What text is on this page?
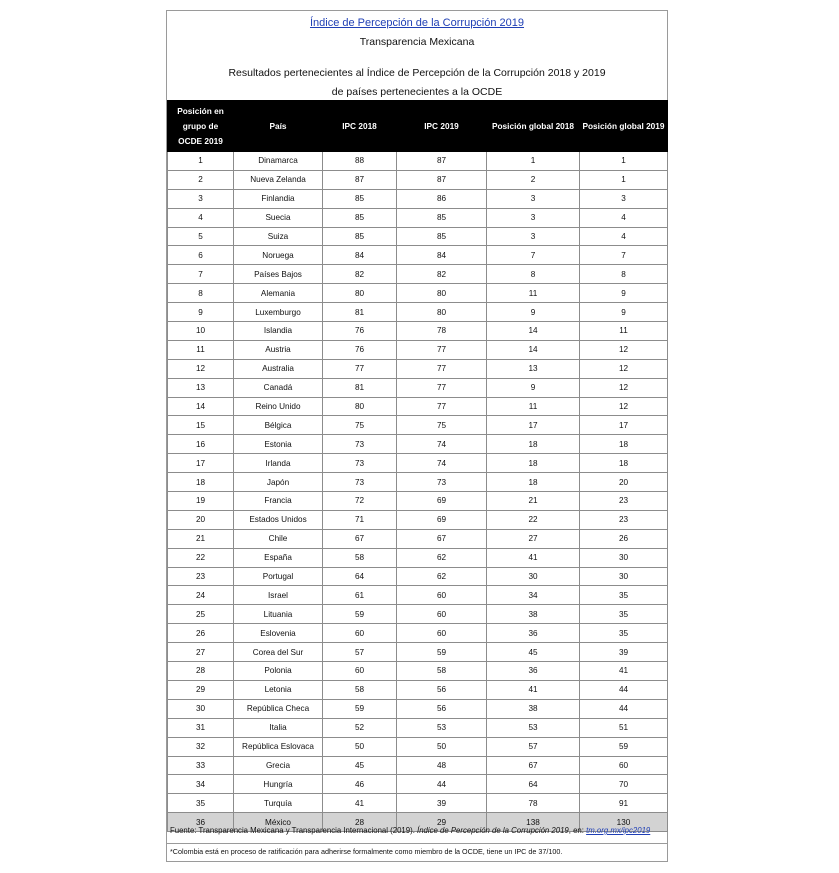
Índice de Percepción de la Corrupción 2019
Transparencia Mexicana
Resultados pertenecientes al Índice de Percepción de la Corrupción 2018 y 2019
de países pertenecientes a la OCDE
Posición en grupo de OCDE 2019	País	IPC 2018	IPC 2019	Posición global 2018	Posición global 2019
1	Dinamarca	88	87	1	1
2	Nueva Zelanda	87	87	2	1
3	Finlandia	85	86	3	3
4	Suecia	85	85	3	4
5	Suiza	85	85	3	4
6	Noruega	84	84	7	7
7	Países Bajos	82	82	8	8
8	Alemania	80	80	11	9
9	Luxemburgo	81	80	9	9
10	Islandia	76	78	14	11
11	Austria	76	77	14	12
12	Australia	77	77	13	12
13	Canadá	81	77	9	12
14	Reino Unido	80	77	11	12
15	Bélgica	75	75	17	17
16	Estonia	73	74	18	18
17	Irlanda	73	74	18	18
18	Japón	73	73	18	20
19	Francia	72	69	21	23
20	Estados Unidos	71	69	22	23
21	Chile	67	67	27	26
22	España	58	62	41	30
23	Portugal	64	62	30	30
24	Israel	61	60	34	35
25	Lituania	59	60	38	35
26	Eslovenia	60	60	36	35
27	Corea del Sur	57	59	45	39
28	Polonia	60	58	36	41
29	Letonia	58	56	41	44
30	República Checa	59	56	38	44
31	Italia	52	53	53	51
32	República Eslovaca	50	50	57	59
33	Grecia	45	48	67	60
34	Hungría	46	44	64	70
35	Turquía	41	39	78	91
36	México	28	29	138	130
Fuente: Transparencia Mexicana y Transparencia Internacional (2019). Índice de Percepción de la Corrupción 2019, en: tm.org.mx/ipc2019
*Colombia está en proceso de ratificación para adherirse formalmente como miembro de la OCDE, tiene un IPC de 37/100.
